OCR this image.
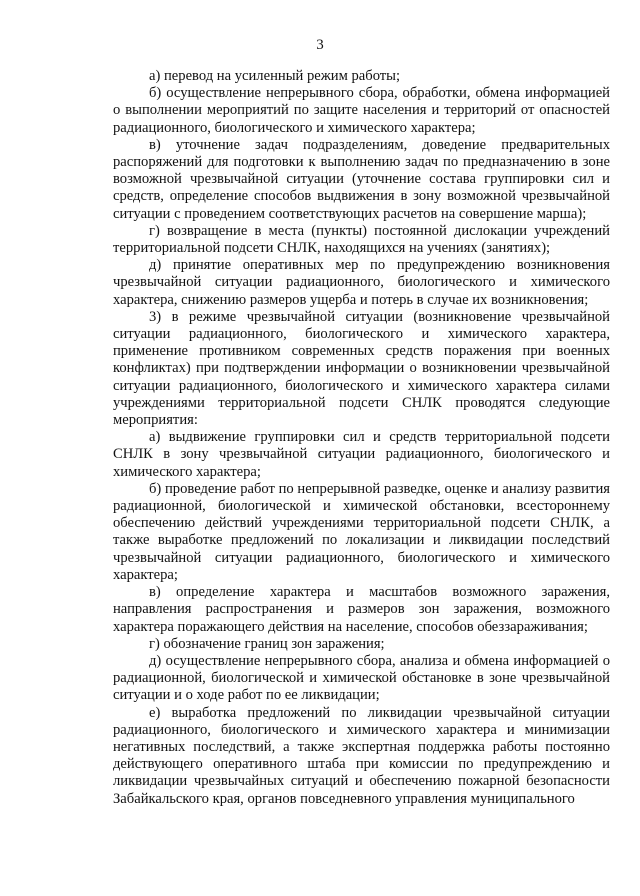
3

а) перевод на усиленный режим работы;

б) осуществление непрерывного сбора, обработки, обмена информацией о выполнении мероприятий по защите населения и территорий от опасностей радиационного, биологического и химического характера;

в) уточнение задач подразделениям, доведение предварительных распоряжений для подготовки к выполнению задач по предназначению в зоне возможной чрезвычайной ситуации (уточнение состава группировки сил и средств, определение способов выдвижения в зону возможной чрезвычайной ситуации с проведением соответствующих расчетов на совершение марша);

г) возвращение в места (пункты) постоянной дислокации учреждений территориальной подсети СНЛК, находящихся на учениях (занятиях);

д) принятие оперативных мер по предупреждению возникновения чрезвычайной ситуации радиационного, биологического и химического характера, снижению размеров ущерба и потерь в случае их возникновения;

3) в режиме чрезвычайной ситуации (возникновение чрезвычайной ситуации радиационного, биологического и химического характера, применение противником современных средств поражения при военных конфликтах) при подтверждении информации о возникновении чрезвычайной ситуации радиационного, биологического и химического характера силами учреждениями территориальной подсети СНЛК проводятся следующие мероприятия:

а) выдвижение группировки сил и средств территориальной подсети СНЛК в зону чрезвычайной ситуации радиационного, биологического и химического характера;

б) проведение работ по непрерывной разведке, оценке и анализу развития радиационной, биологической и химической обстановки, всестороннему обеспечению действий учреждениями территориальной подсети СНЛК, а также выработке предложений по локализации и ликвидации последствий чрезвычайной ситуации радиационного, биологического и химического характера;

в) определение характера и масштабов возможного заражения, направления распространения и размеров зон заражения, возможного характера поражающего действия на население, способов обеззараживания;

г) обозначение границ зон заражения;

д) осуществление непрерывного сбора, анализа и обмена информацией о радиационной, биологической и химической обстановке в зоне чрезвычайной ситуации и о ходе работ по ее ликвидации;

е) выработка предложений по ликвидации чрезвычайной ситуации радиационного, биологического и химического характера и минимизации негативных последствий, а также экспертная поддержка работы постоянно действующего оперативного штаба при комиссии по предупреждению и ликвидации чрезвычайных ситуаций и обеспечению пожарной безопасности Забайкальского края, органов повседневного управления муниципального
